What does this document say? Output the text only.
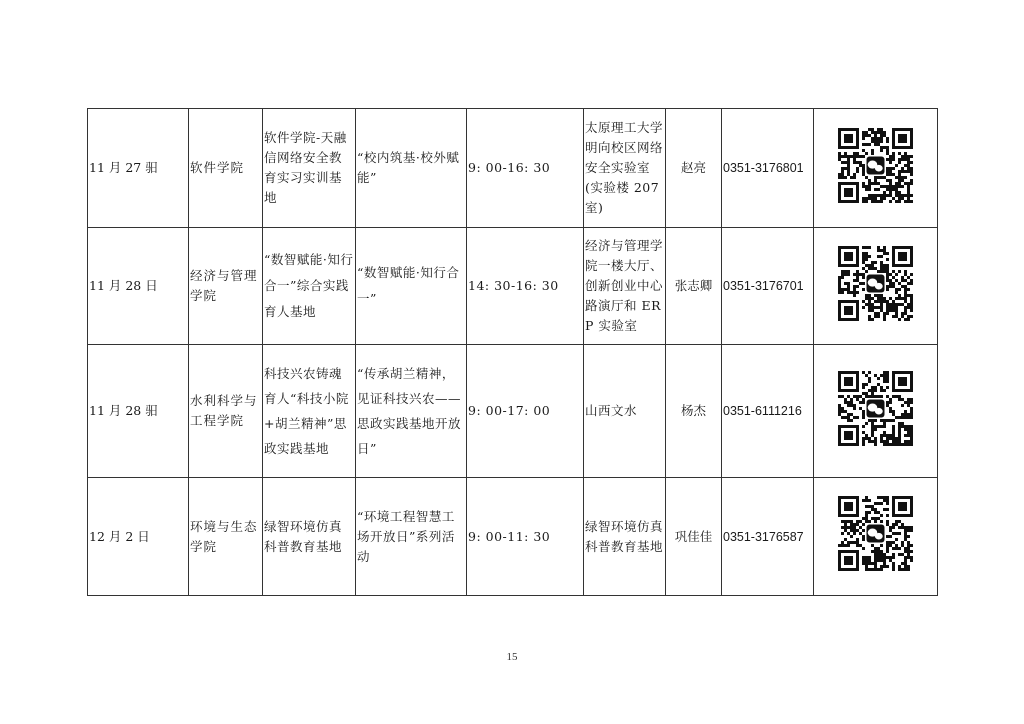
11 月 27 驲	软件学院	软件学院-天融信网络安全教育实习实训基地	“校内筑基·校外赋能”	9: 00-16: 30	太原理工大学明向校区网络安全实验室(实验楼 207 室)	赵亮	0351-3176801	
11 月 28 日	经济与管理学院	“数智赋能·知行合一”综合实践育人基地	“数智赋能·知行合一”	14: 30-16: 30	经济与管理学院一楼大厅、创新创业中心路演厅和 ERP 实验室	张志卿	0351-3176701	
11 月 28 驲	水利科学与工程学院	科技兴农铸魂育人“科技小院+胡兰精神”思政实践基地	“传承胡兰精神，见证科技兴农——思政实践基地开放日”	9: 00-17: 00	山西文水	杨杰	0351-6111216	
12 月 2 日	环境与生态学院	绿智环境仿真科普教育基地	“环境工程智慧工场开放日”系列活动	9: 00-11: 30	绿智环境仿真科普教育基地	巩佳佳	0351-3176587	
15
